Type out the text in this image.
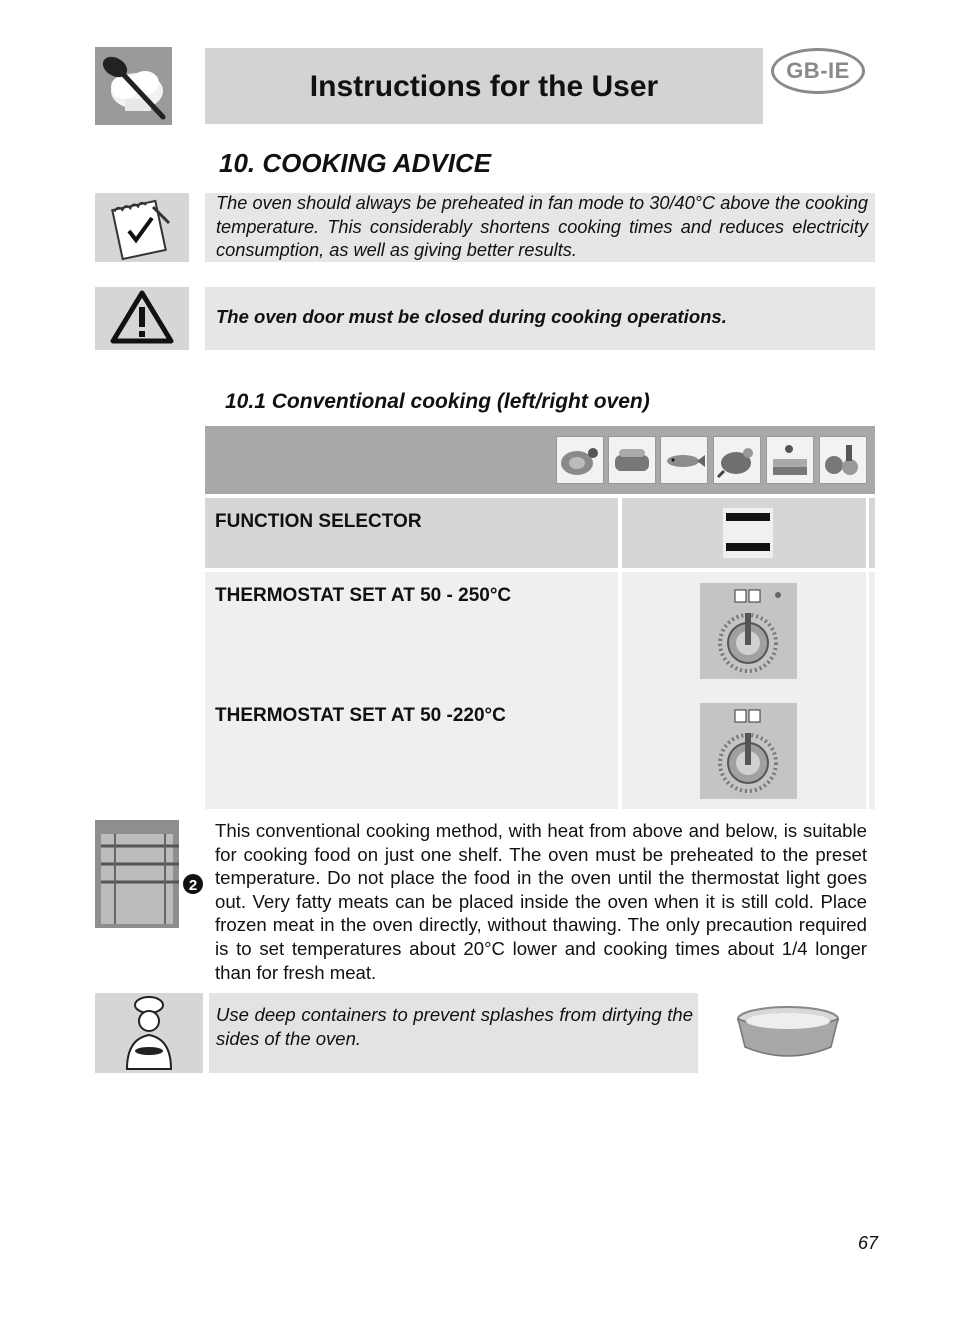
Instructions for the User	GB-IE
10. COOKING ADVICE
The oven should always be preheated in fan mode to 30/40°C above the cooking temperature. This considerably shortens cooking times and reduces electricity consumption, as well as giving better results.
The oven door must be closed during cooking operations.
10.1 Conventional cooking (left/right oven)
FUNCTION SELECTOR
THERMOSTAT SET AT 50 - 250°C
THERMOSTAT SET AT 50 -220°C
2
This conventional cooking method, with heat from above and below, is suitable for cooking food on just one shelf. The oven must be preheated to the preset temperature. Do not place the food in the oven until the thermostat light goes out. Very fatty meats can be placed inside the oven when it is still cold. Place frozen meat in the oven directly, without thawing. The only precaution required is to set temperatures about 20°C lower and cooking times about 1/4 longer than for fresh meat.
Use deep containers to prevent splashes from dirtying the sides of the oven.
67
